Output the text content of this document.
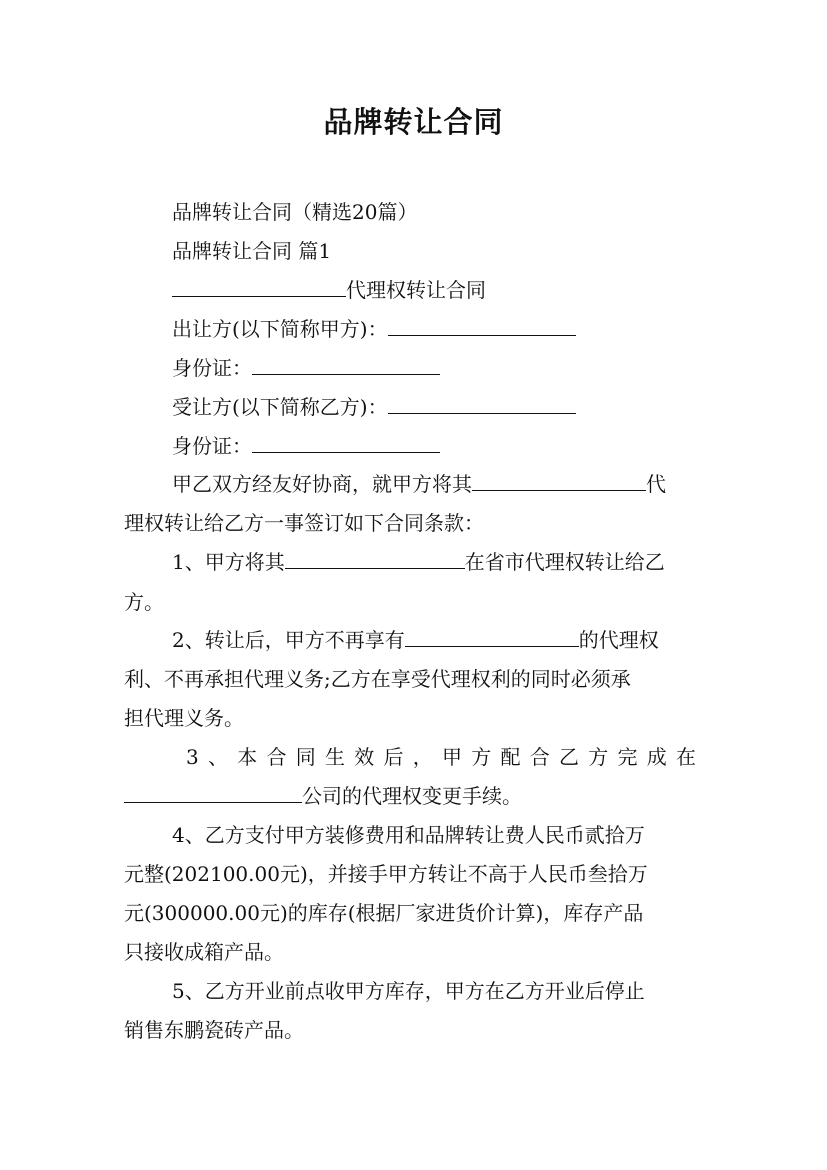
品牌转让合同
品牌转让合同（精选20篇）
品牌转让合同 篇1
代理权转让合同
出让方(以下简称甲方)：
身份证：
受让方(以下简称乙方)：
身份证：
甲乙双方经友好协商，就甲方将其	代
理权转让给乙方一事签订如下合同条款：
1、甲方将其	在省市代理权转让给乙
方。
2、转让后，甲方不再享有	的代理权
利、不再承担代理义务;乙方在享受代理权利的同时必须承
担代理义务。
3、本合同生效后，甲方配合乙方完成在
公司的代理权变更手续。
4、乙方支付甲方装修费用和品牌转让费人民币贰拾万
元整(202100.00元)，并接手甲方转让不高于人民币叁拾万
元(300000.00元)的库存(根据厂家进货价计算)，库存产品
只接收成箱产品。
5、乙方开业前点收甲方库存，甲方在乙方开业后停止
销售东鹏瓷砖产品。
